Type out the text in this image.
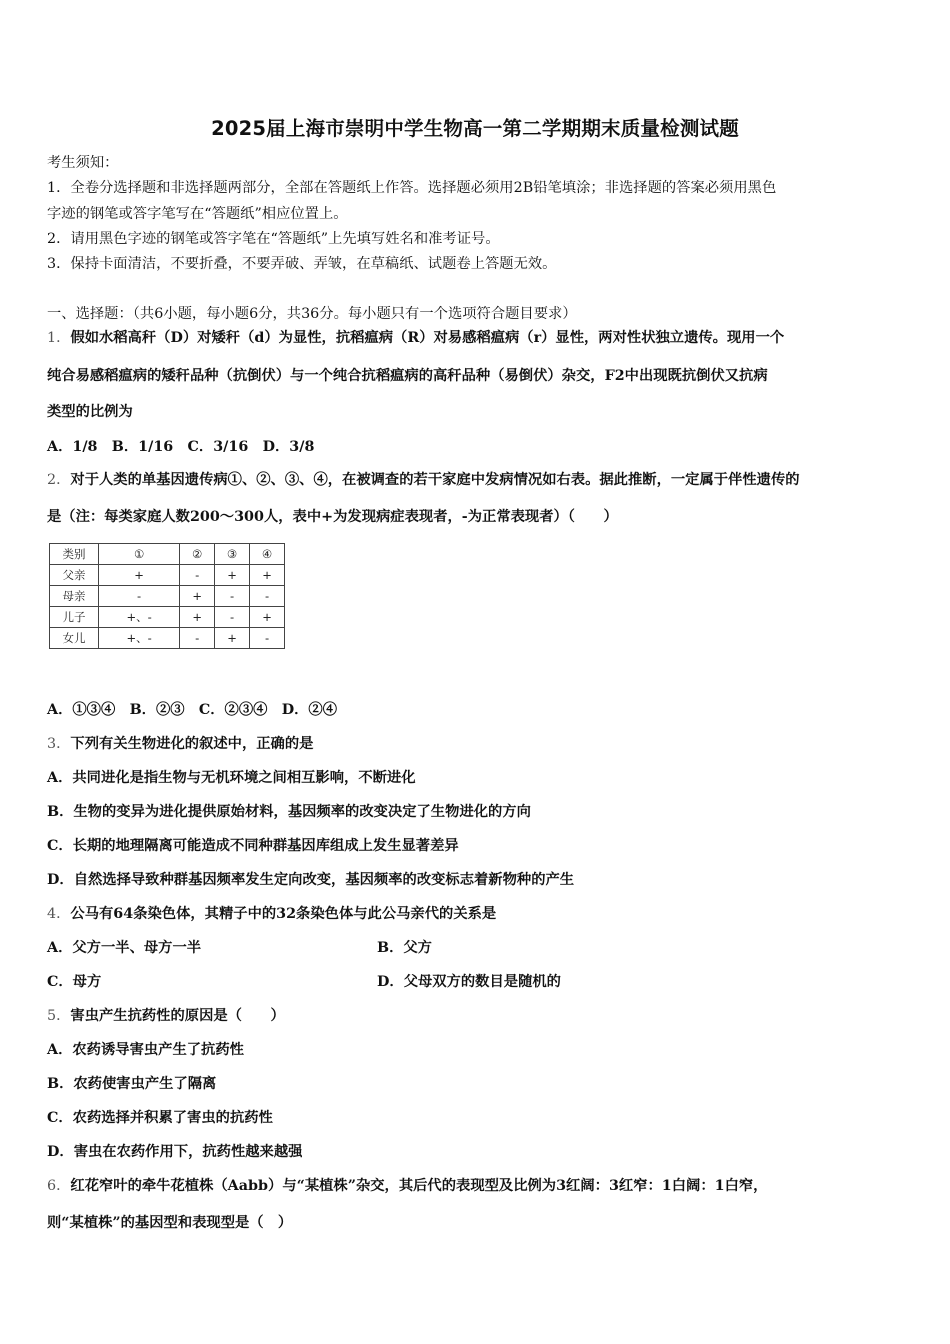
2025届上海市崇明中学生物高一第二学期期末质量检测试题
考生须知：
1．全卷分选择题和非选择题两部分，全部在答题纸上作答。选择题必须用2B铅笔填涂；非选择题的答案必须用黑色
字迹的钢笔或答字笔写在“答题纸”相应位置上。
2．请用黑色字迹的钢笔或答字笔在“答题纸”上先填写姓名和准考证号。
3．保持卡面清洁，不要折叠，不要弄破、弄皱，在草稿纸、试题卷上答题无效。
一、选择题：（共6小题，每小题6分，共36分。每小题只有一个选项符合题目要求）
1．假如水稻高秆（D）对矮秆（d）为显性，抗稻瘟病（R）对易感稻瘟病（r）显性，两对性状独立遗传。现用一个
纯合易感稻瘟病的矮秆品种（抗倒伏）与一个纯合抗稻瘟病的高秆品种（易倒伏）杂交，F2中出现既抗倒伏又抗病
类型的比例为
A．1/8　B．1/16　C．3/16　D．3/8
2．对于人类的单基因遗传病①、②、③、④，在被调查的若干家庭中发病情况如右表。据此推断，一定属于伴性遗传的
是（注：每类家庭人数200～300人，表中+为发现病症表现者，-为正常表现者）（　　）
类别	①	②	③	④
父亲	+	-	+	+
母亲	-	+	-	-
儿子	+、-	+	-	+
女儿	+、-	-	+	-
A．①③④　B．②③　C．②③④　D．②④
3．下列有关生物进化的叙述中，正确的是
A．共同进化是指生物与无机环境之间相互影响，不断进化
B．生物的变异为进化提供原始材料，基因频率的改变决定了生物进化的方向
C．长期的地理隔离可能造成不同种群基因库组成上发生显著差异
D．自然选择导致种群基因频率发生定向改变，基因频率的改变标志着新物种的产生
4．公马有64条染色体，其精子中的32条染色体与此公马亲代的关系是
A．父方一半、母方一半	B．父方
C．母方	D．父母双方的数目是随机的
5．害虫产生抗药性的原因是（　　）
A．农药诱导害虫产生了抗药性
B．农药使害虫产生了隔离
C．农药选择并积累了害虫的抗药性
D．害虫在农药作用下，抗药性越来越强
6．红花窄叶的牵牛花植株（Aabb）与“某植株”杂交，其后代的表现型及比例为3红阔：3红窄：1白阔：1白窄，
则“某植株”的基因型和表现型是（　）
